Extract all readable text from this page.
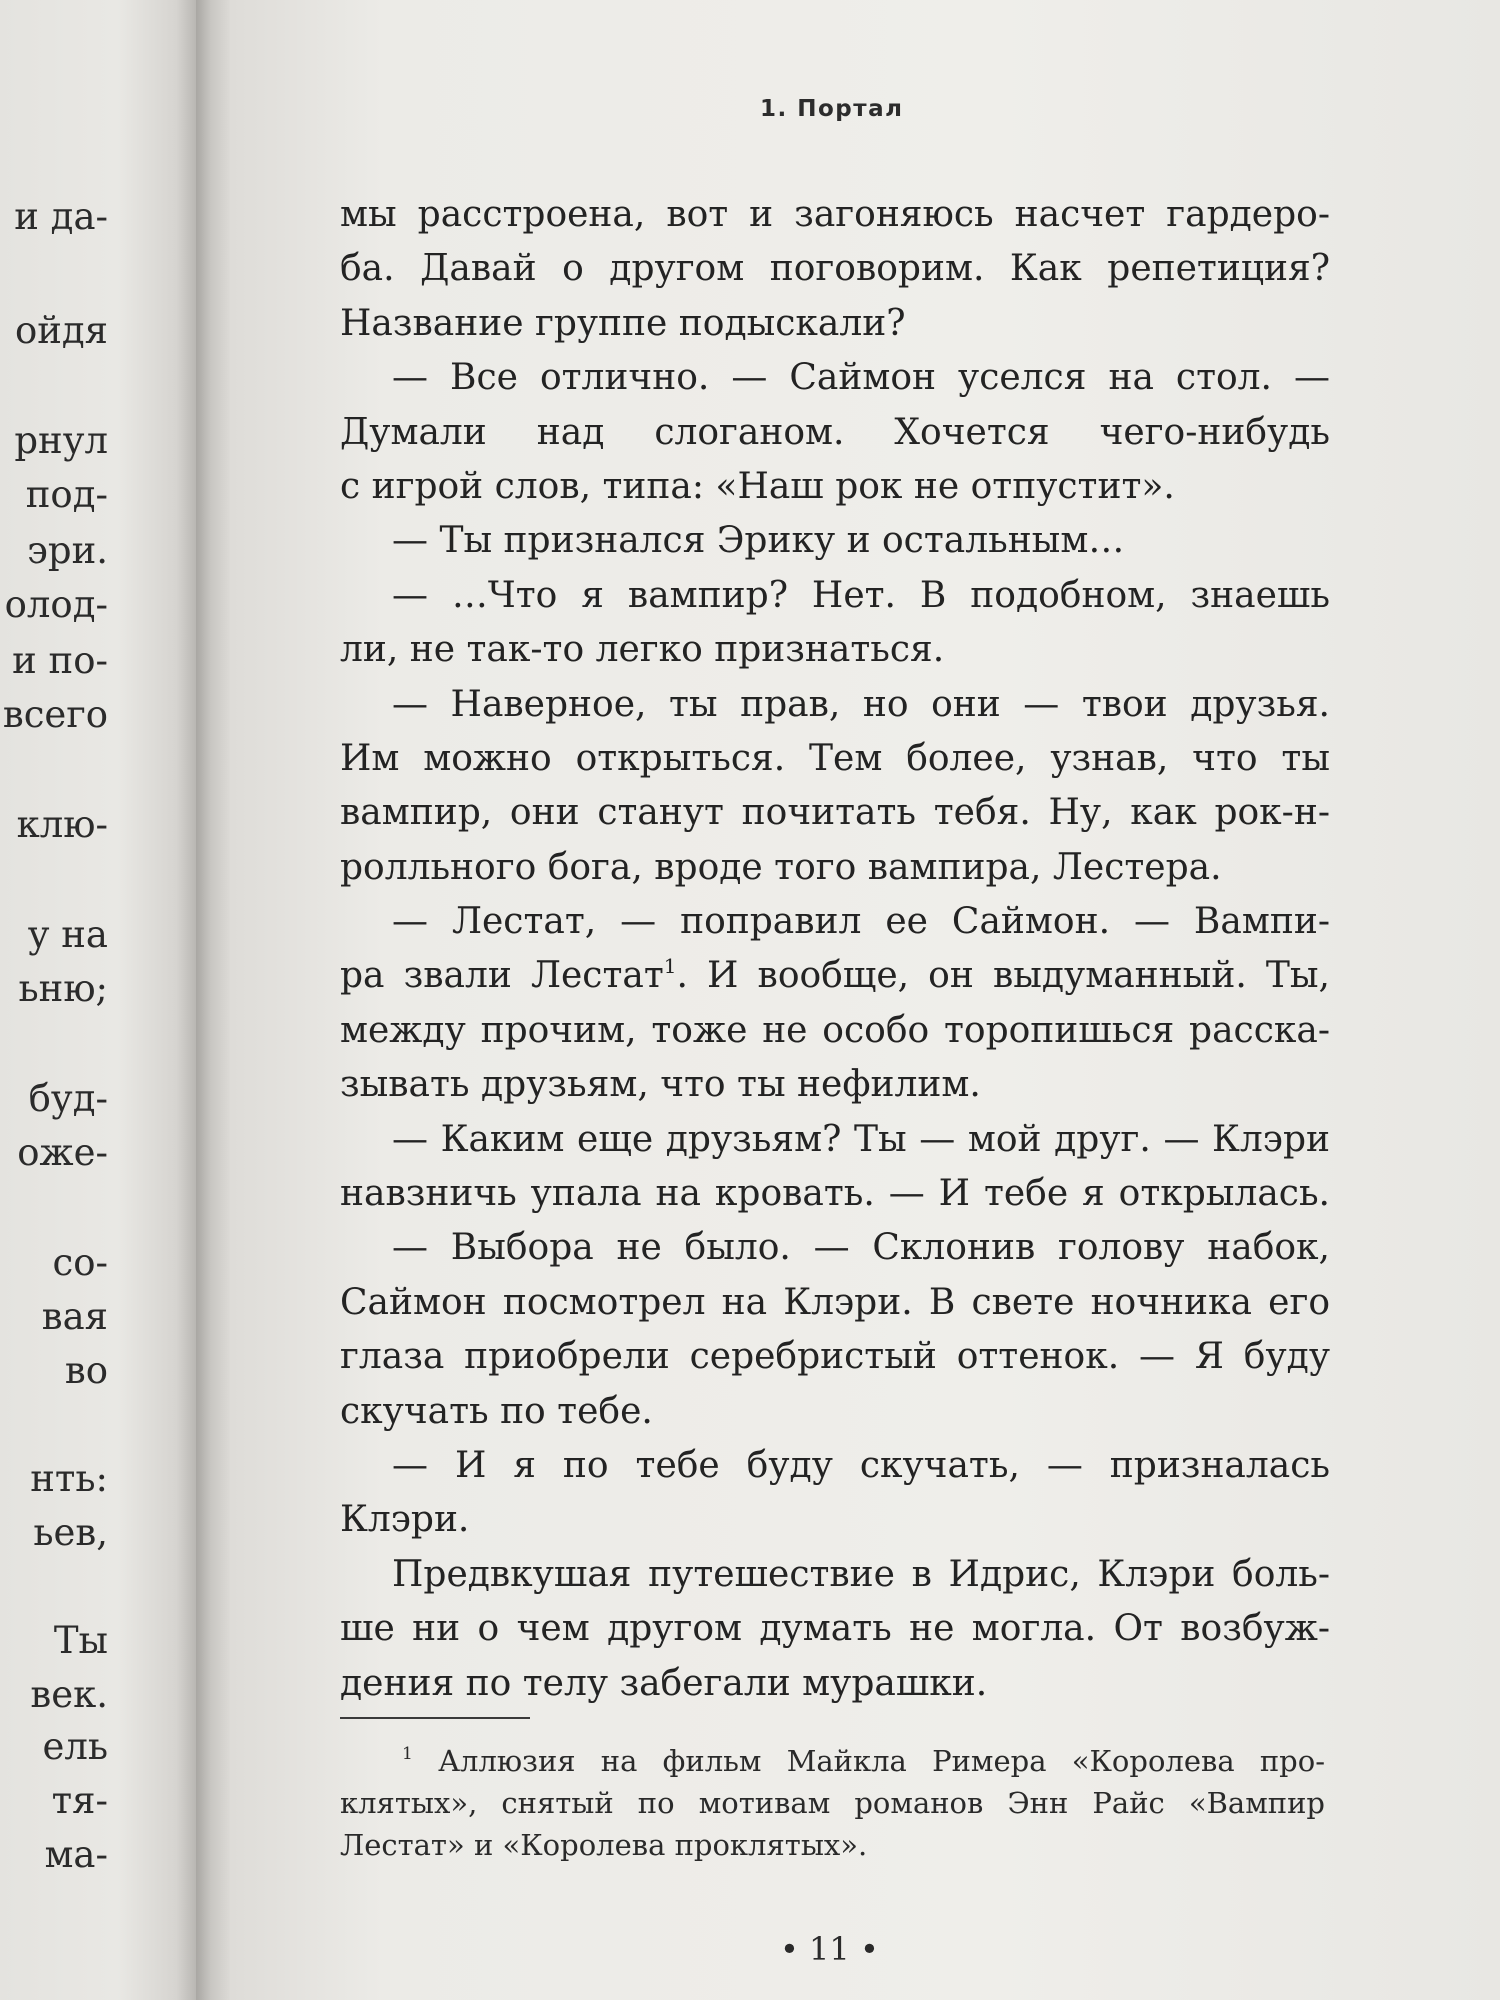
и да-
ойдя
рнул
под-
эри.
олод-
и по-
всего
клю-
у на
ьню;
буд-
оже-
со-
вая
во
нть:
ьев,
Ты
век.
ель
тя-
ма-
1. Портал
мы расстроена, вот и загоняюсь насчет гардеро-
ба. Давай о другом поговорим. Как репетиция?
Название группе подыскали?
— Все отлично. — Саймон уселся на стол. —
Думали над слоганом. Хочется чего-нибудь
с игрой слов, типа: «Наш рок не отпустит».
— Ты признался Эрику и остальным…
— …Что я вампир? Нет. В подобном, знаешь
ли, не так-то легко признаться.
— Наверное, ты прав, но они — твои друзья.
Им можно открыться. Тем более, узнав, что ты
вампир, они станут почитать тебя. Ну, как рок-н-
ролльного бога, вроде того вампира, Лестера.
— Лестат, — поправил ее Саймон. — Вампи-
ра звали Лестат$^1$. И вообще, он выдуманный. Ты,
между прочим, тоже не особо торопишься расска-
зывать друзьям, что ты нефилим.
— Каким еще друзьям? Ты — мой друг. — Клэри
навзничь упала на кровать. — И тебе я открылась.
— Выбора не было. — Склонив голову набок,
Саймон посмотрел на Клэри. В свете ночника его
глаза приобрели серебристый оттенок. — Я буду
скучать по тебе.
— И я по тебе буду скучать, — призналась
Клэри.
Предвкушая путешествие в Идрис, Клэри боль-
ше ни о чем другом думать не могла. От возбуж-
дения по телу забегали мурашки.
$^1$ Аллюзия на фильм Майкла Римера «Королева про-
клятых», снятый по мотивам романов Энн Райс «Вампир
Лестат» и «Королева проклятых».
• 11 •
